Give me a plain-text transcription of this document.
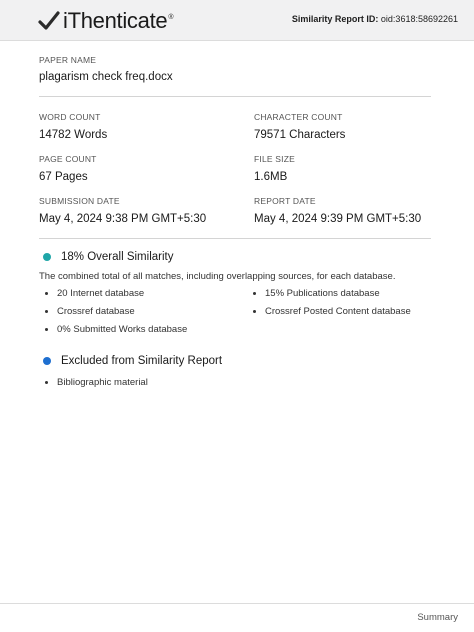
iThenticate ®	Similarity Report ID: oid:3618:58692261
PAPER NAME
plagarism check freq.docx
WORD COUNT
14782 Words
CHARACTER COUNT
79571 Characters
PAGE COUNT
67 Pages
FILE SIZE
1.6MB
SUBMISSION DATE
May 4, 2024 9:38 PM GMT+5:30
REPORT DATE
May 4, 2024 9:39 PM GMT+5:30
18% Overall Similarity
The combined total of all matches, including overlapping sources, for each database.
20 Internet database
Crossref database
0% Submitted Works database
15% Publications database
Crossref Posted Content database
Excluded from Similarity Report
Bibliographic material
Summary
